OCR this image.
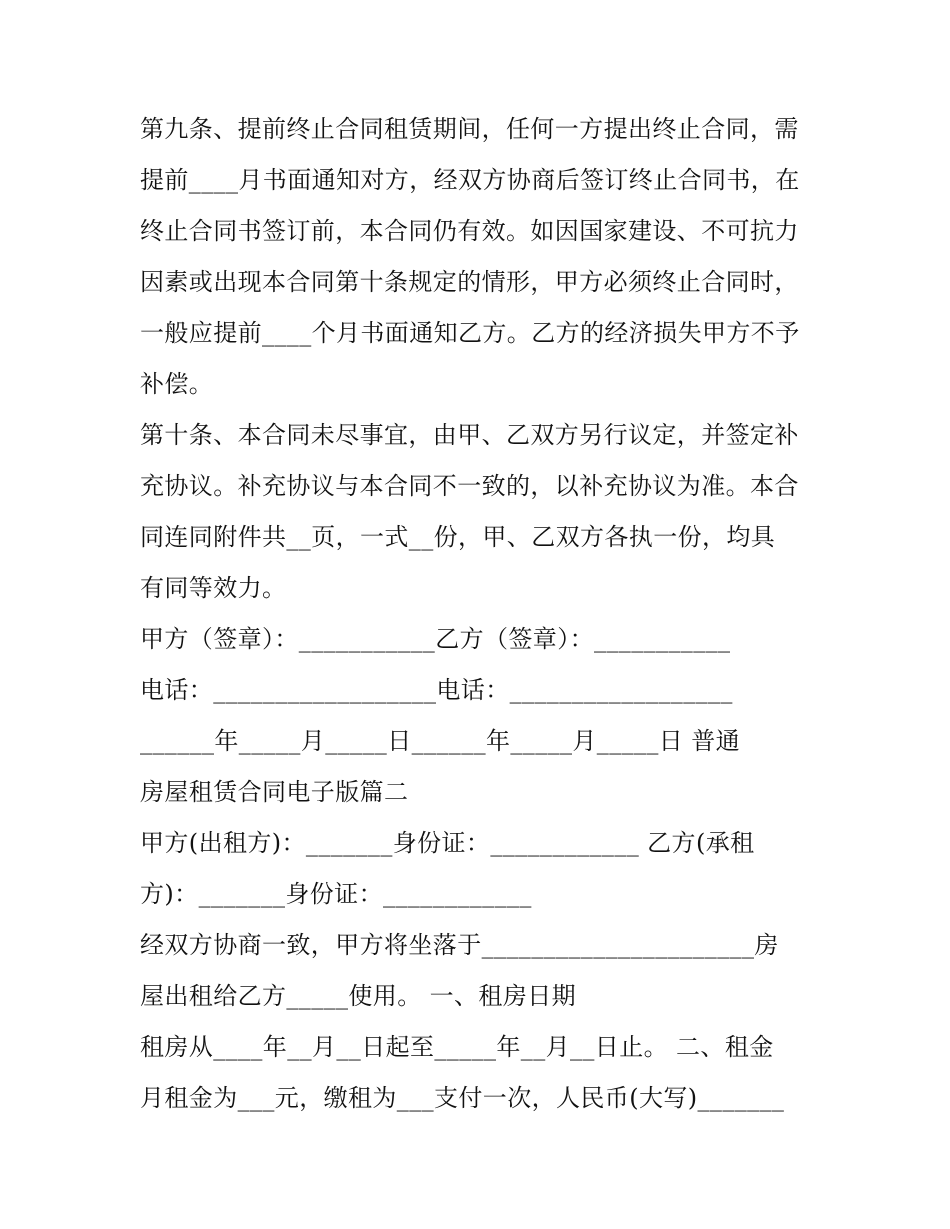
第九条、提前终止合同租赁期间，任何一方提出终止合同，需
提前____月书面通知对方，经双方协商后签订终止合同书，在
终止合同书签订前，本合同仍有效。如因国家建设、不可抗力
因素或出现本合同第十条规定的情形，甲方必须终止合同时，
一般应提前____个月书面通知乙方。乙方的经济损失甲方不予
补偿。
第十条、本合同未尽事宜，由甲、乙双方另行议定，并签定补
充协议。补充协议与本合同不一致的，以补充协议为准。本合
同连同附件共__页，一式__份，甲、乙双方各执一份，均具
有同等效力。
甲方（签章）：___________乙方（签章）：___________
电话：__________________电话：__________________
______年_____月_____日______年_____月_____日 普通
房屋租赁合同电子版篇二
甲方(出租方)：_______身份证：____________ 乙方(承租
方)：_______身份证：____________
经双方协商一致，甲方将坐落于______________________房
屋出租给乙方_____使用。 一、租房日期
租房从____年__月__日起至_____年__月__日止。 二、租金
月租金为___元，缴租为___支付一次，人民币(大写)_______
